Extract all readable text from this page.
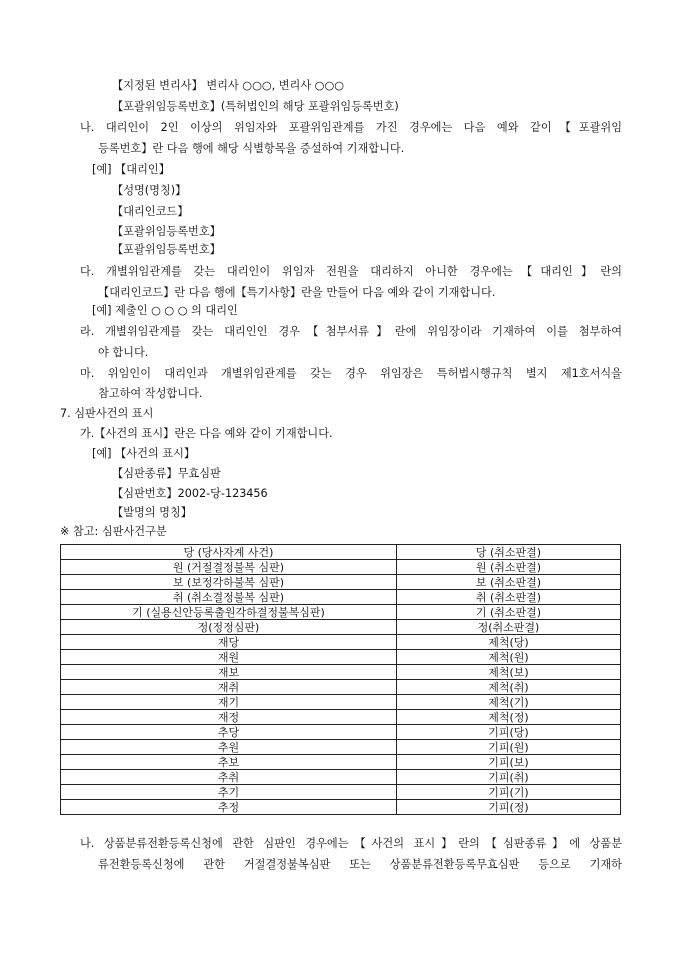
【지정된 변리사】 변리사 ○○○, 변리사 ○○○
【포괄위임등록번호】(특허법인의 해당 포괄위임등록번호)
나. 대리인이 2인 이상의 위임자와 포괄위임관계를 가진 경우에는 다음 예와 같이【포괄위임
등록번호】란 다음 행에 해당 식별항목을 증설하여 기재합니다.
[예] 【대리인】
【성명(명칭)】
【대리인코드】
【포괄위임등록번호】
【포괄위임등록번호】
다. 개별위임관계를 갖는 대리인이 위임자 전원을 대리하지 아니한 경우에는【대리인】란의
【대리인코드】란 다음 행에【특기사항】란을 만들어 다음 예와 같이 기재합니다.
[예] 제출인 ○ ○ ○ 의 대리인
라. 개별위임관계를 갖는 대리인인 경우【첨부서류】란에 위임장이라 기재하여 이를 첨부하여
야 합니다.
마. 위임인이 대리인과 개별위임관계를 갖는 경우 위임장은 특허법시행규칙 별지 제1호서식을
참고하여 작성합니다.
7. 심판사건의 표시
가.【사건의 표시】란은 다음 예와 같이 기재합니다.
[예] 【사건의 표시】
【심판종류】무효심판
【심판번호】2002-당-123456
【발명의 명칭】
※ 참고: 심판사건구분
당 (당사자계 사건)	당 (취소판결)
원 (거절결정불복 심판)	원 (취소판결)
보 (보정각하불복 심판)	보 (취소판결)
취 (취소결정불복 심판)	취 (취소판결)
기 (실용신안등록출원각하결정불복심판)	기 (취소판결)
정(정정심판)	정(취소판결)
재당	제척(당)
재원	제척(원)
재보	제척(보)
재취	제척(취)
재기	제척(기)
재정	제척(정)
추당	기피(당)
추원	기피(원)
추보	기피(보)
추취	기피(취)
추기	기피(기)
추정	기피(정)
나. 상품분류전환등록신청에 관한 심판인 경우에는【사건의 표시】란의【심판종류】에 상품분
류전환등록신청에 관한 거절결정불복심판 또는 상품분류전환등록무효심판 등으로 기재하
